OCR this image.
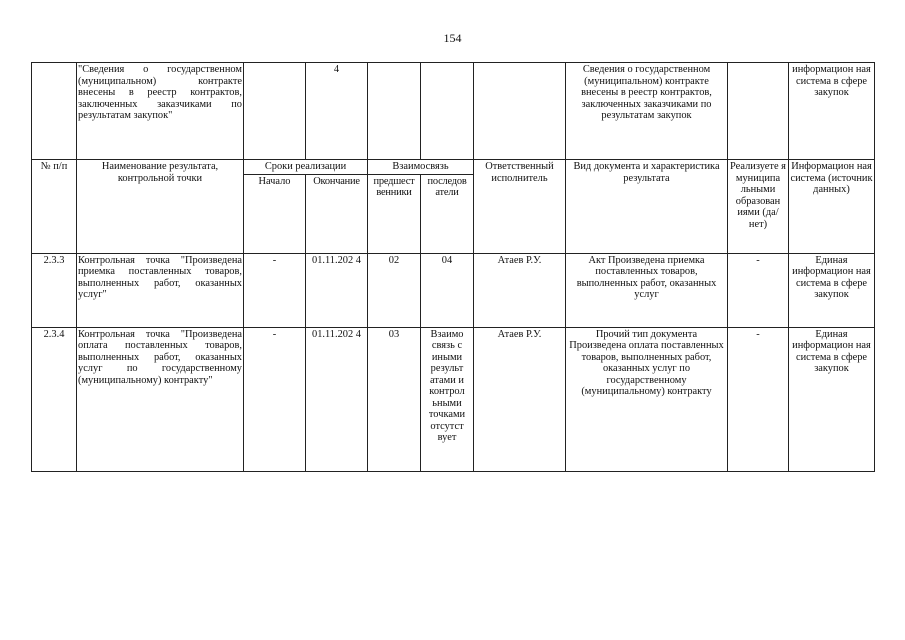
154
	"Сведения о государственном (муниципальном) контракте внесены в реестр контрактов, заключенных заказчиками по результатам закупок"		4				Сведения о государственном (муниципальном) контракте внесены в реестр контрактов, заключенных заказчиками по результатам закупок		информацион ная система в сфере закупок
№ п/п	Наименование результата, контрольной точки	Сроки реализации		Взаимосвязь		Ответственный исполнитель	Вид документа и характеристика результата	Реализуете я муниципа льными образован иями (да/нет)	Информацион ная система (источник данных)
		Начало	Окончание	предшест венники	последов атели				
2.3.3	Контрольная точка "Произведена приемка поставленных товаров, выполненных работ, оказанных услуг"	-	01.11.202 4	02	04	Атаев Р.У.	Акт Произведена приемка поставленных товаров, выполненных работ, оказанных услуг	-	Единая информацион ная система в сфере закупок
2.3.4	Контрольная точка "Произведена оплата поставленных товаров, выполненных работ, оказанных услуг по государственному (муниципальному) контракту"	-	01.11.202 4	03	Взаимо связь с иными результ атами и контрол ьными точками отсутст вует	Атаев Р.У.	Прочий тип документа Произведена оплата поставленных товаров, выполненных работ, оказанных услуг по государственному (муниципальному) контракту	-	Единая информацион ная система в сфере закупок
